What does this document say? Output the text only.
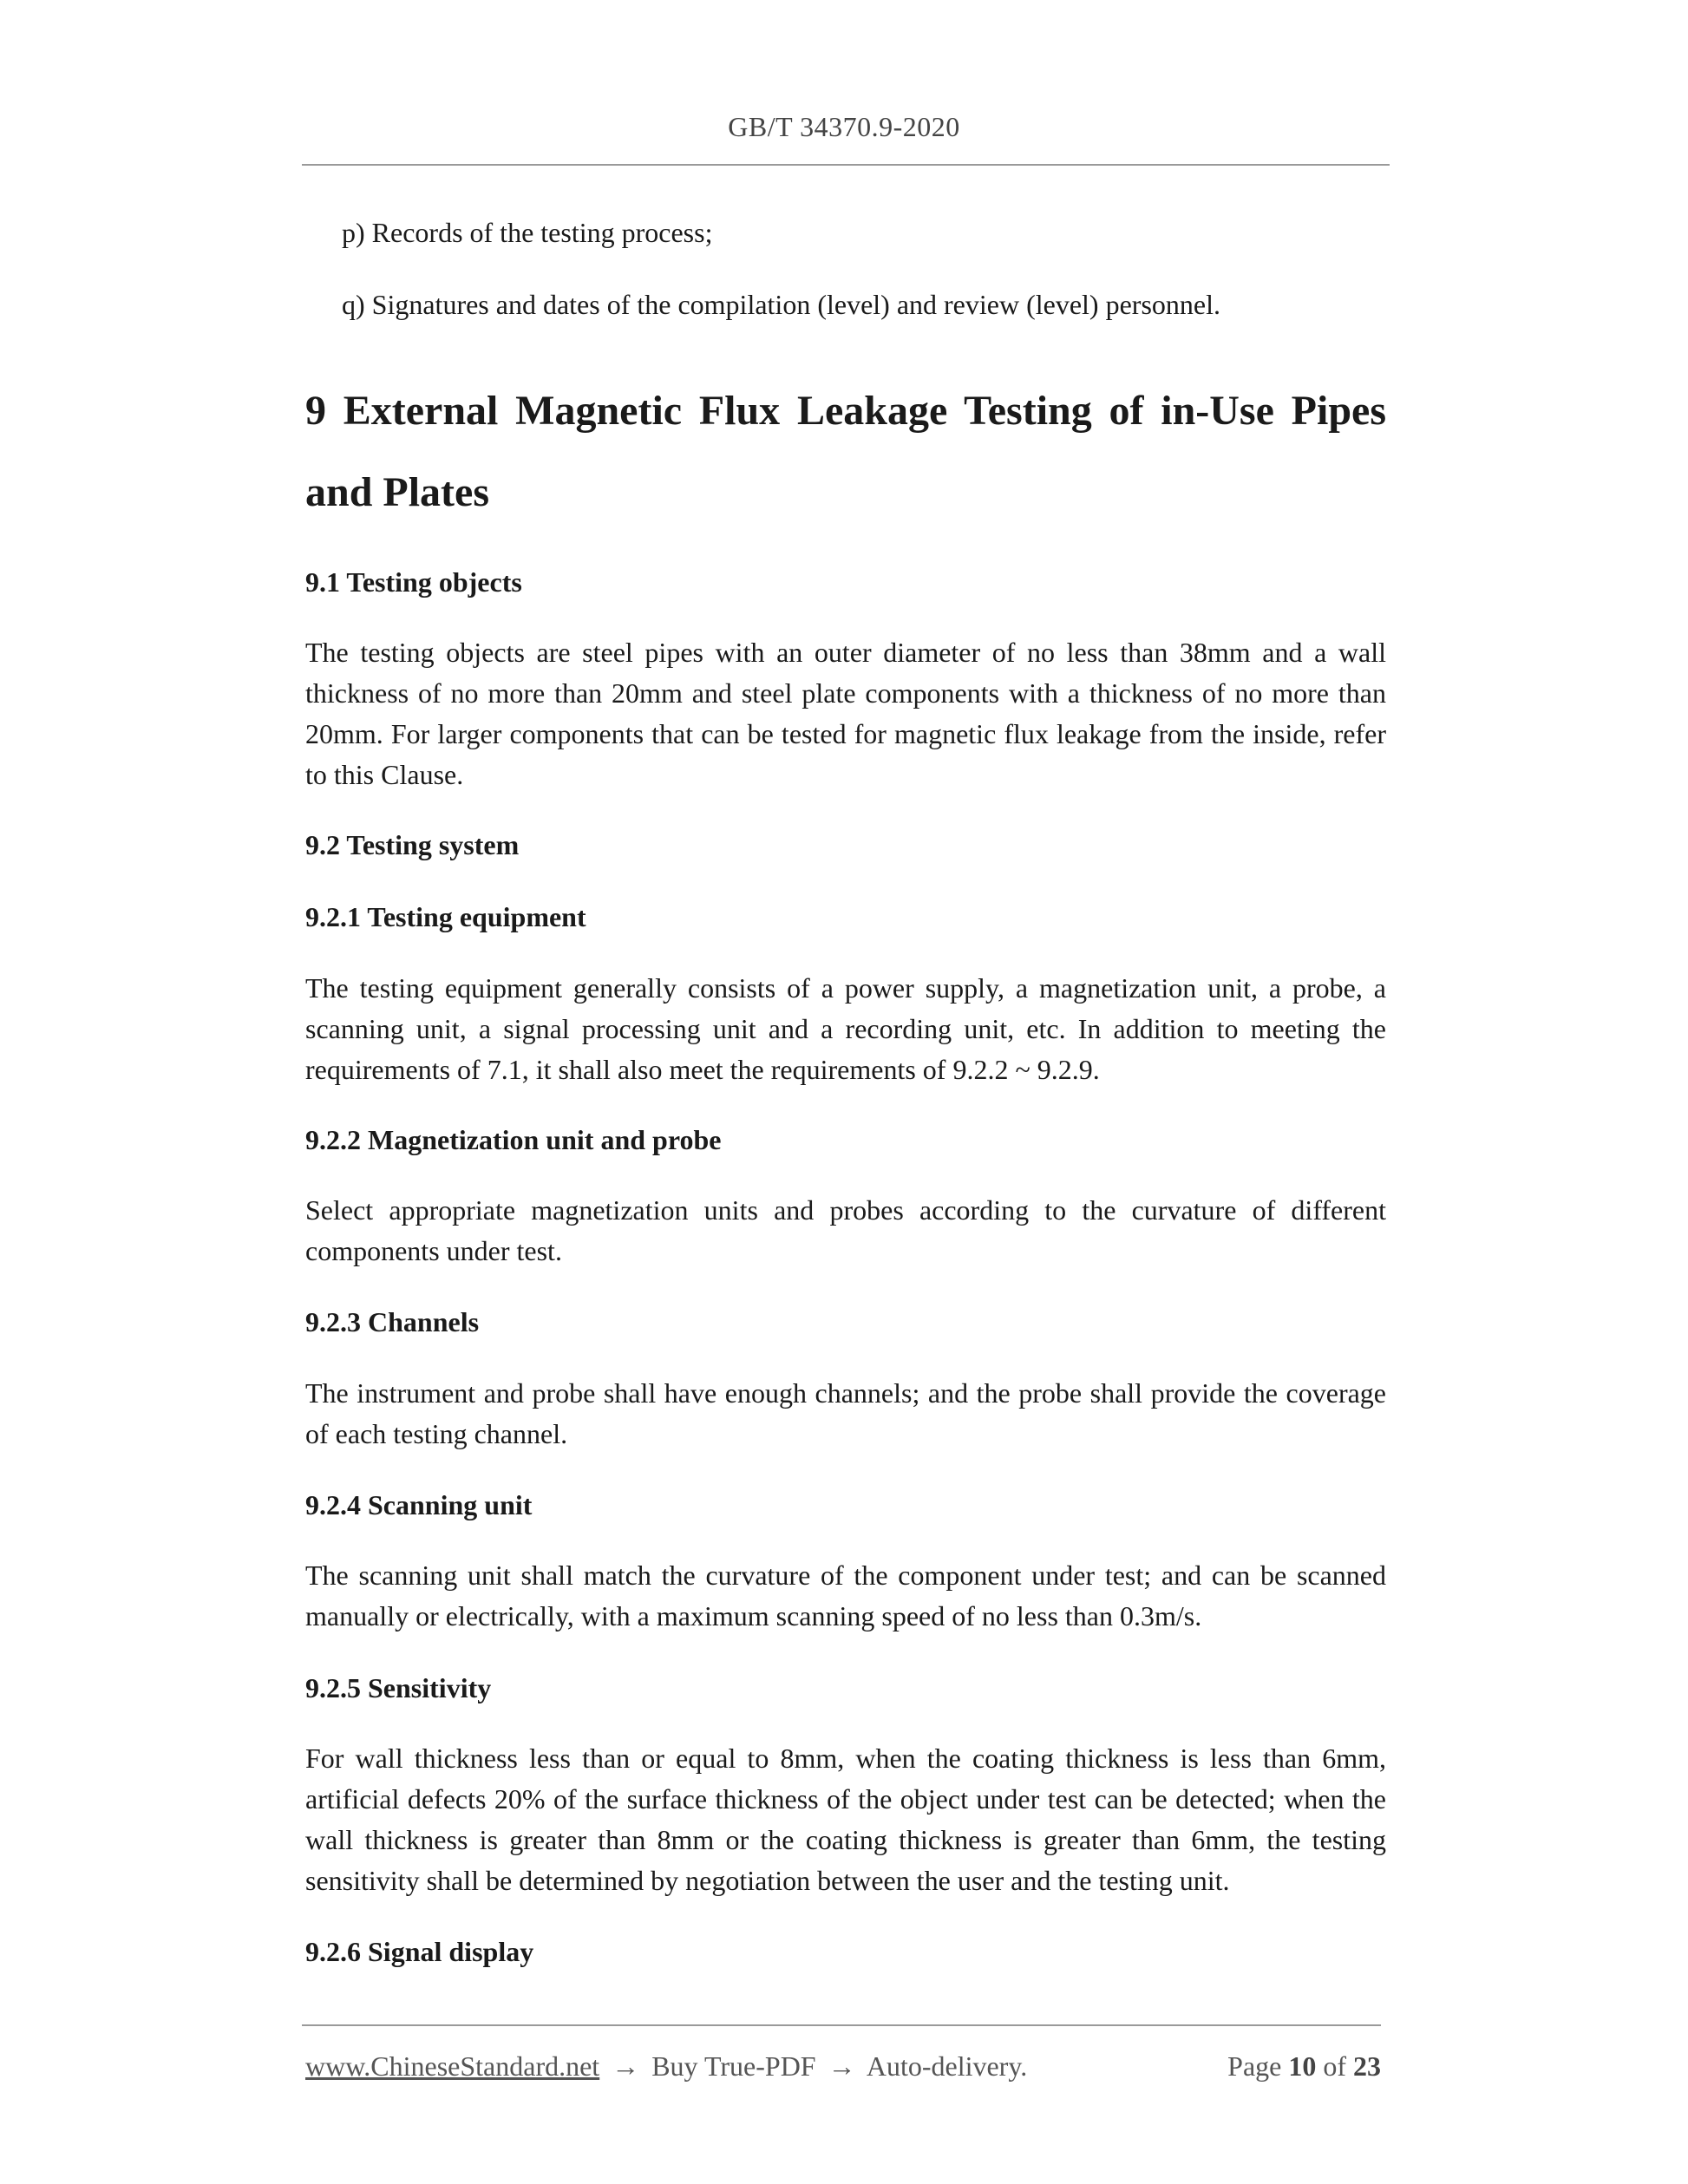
GB/T 34370.9-2020
p) Records of the testing process;
q) Signatures and dates of the compilation (level) and review (level) personnel.
9 External Magnetic Flux Leakage Testing of in-Use Pipes
and Plates
9.1 Testing objects
The testing objects are steel pipes with an outer diameter of no less than 38mm and a wall thickness of no more than 20mm and steel plate components with a thickness of no more than 20mm. For larger components that can be tested for magnetic flux leakage from the inside, refer to this Clause.
9.2 Testing system
9.2.1 Testing equipment
The testing equipment generally consists of a power supply, a magnetization unit, a probe, a scanning unit, a signal processing unit and a recording unit, etc. In addition to meeting the requirements of 7.1, it shall also meet the requirements of 9.2.2 ~ 9.2.9.
9.2.2 Magnetization unit and probe
Select appropriate magnetization units and probes according to the curvature of different components under test.
9.2.3 Channels
The instrument and probe shall have enough channels; and the probe shall provide the coverage of each testing channel.
9.2.4 Scanning unit
The scanning unit shall match the curvature of the component under test; and can be scanned manually or electrically, with a maximum scanning speed of no less than 0.3m/s.
9.2.5 Sensitivity
For wall thickness less than or equal to 8mm, when the coating thickness is less than 6mm, artificial defects 20% of the surface thickness of the object under test can be detected; when the wall thickness is greater than 8mm or the coating thickness is greater than 6mm, the testing sensitivity shall be determined by negotiation between the user and the testing unit.
9.2.6 Signal display
www.ChineseStandard.net → Buy True-PDF → Auto-delivery.	Page 10 of 23
